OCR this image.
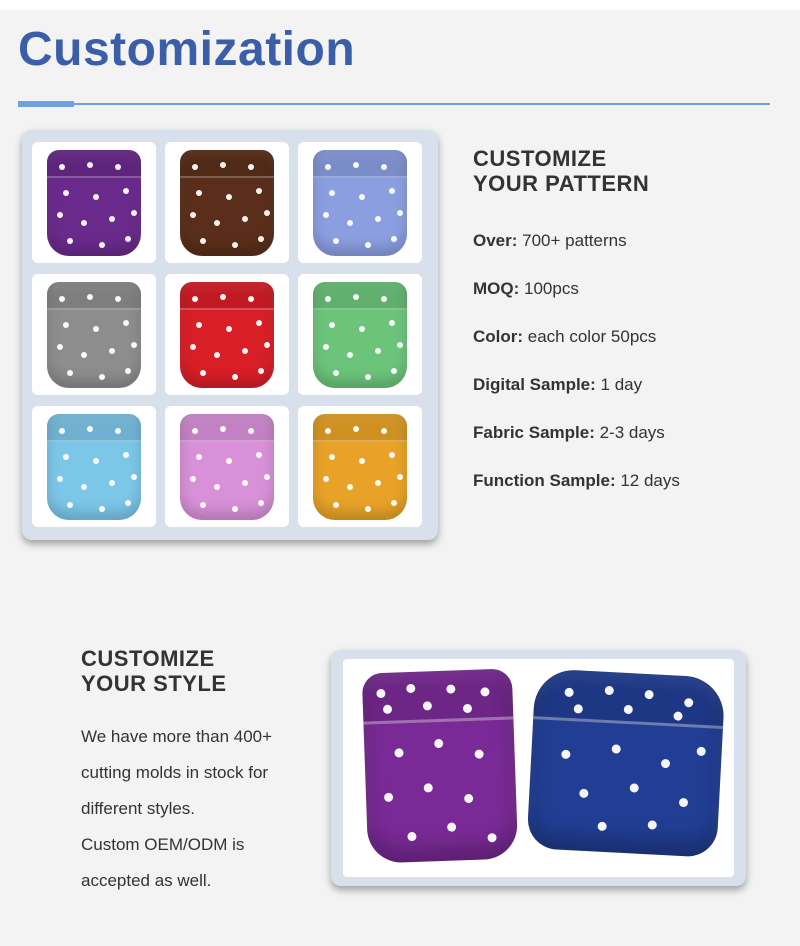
Customization
CUSTOMIZE
YOUR PATTERN
Over: 700+ patterns
MOQ: 100pcs
Color: each color 50pcs
Digital Sample: 1 day
Fabric Sample: 2-3 days
Function Sample: 12 days
CUSTOMIZE
YOUR STYLE
We have more than 400+
cutting molds in stock for
different styles.
Custom OEM/ODM is
accepted as well.
